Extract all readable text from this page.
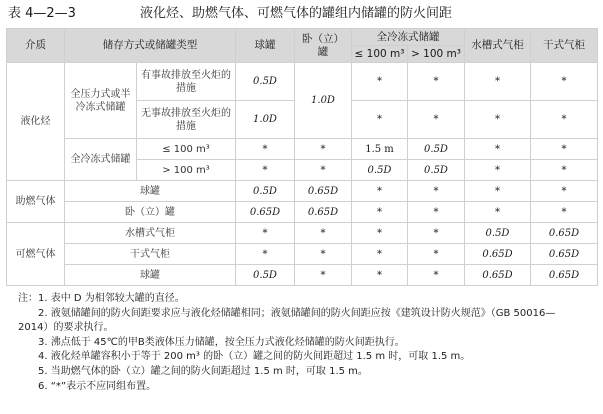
表 4—2—3	液化烃、助燃气体、可燃气体的罐组内储罐的防火间距
介质	储存方式或储罐类型		球罐	卧（立）罐	全冷冻式储罐		水槽式气柜	干式气柜
					≤ 100 m³	> 100 m³		
液化烃	全压力式或半冷冻式储罐	有事故排放至火炬的措施	0.5D	1.0D	*	*	*	*
		无事故排放至火炬的措施	1.0D		*	*	*	*
	全冷冻式储罐	≤ 100 m³	*	*	1.5 m	0.5D	*	*
		> 100 m³	*	*	0.5D	0.5D	*	*
助燃气体	球罐		0.5D	0.65D	*	*	*	*
	卧（立）罐		0.65D	0.65D	*	*	*	*
可燃气体	水槽式气柜		*	*	*	*	0.5D	0.65D
	干式气柜		*	*	*	*	0.65D	0.65D
	球罐		0.5D	*	*	*	0.65D	0.65D

注：1. 表中 D 为相邻较大罐的直径。

2. 液氨储罐间的防火间距要求应与液化烃储罐相同；液氨储罐间的防火间距应按《建筑设计防火规范》（GB 50016—

2014）的要求执行。

3. 沸点低于 45℃的甲B类液体压力储罐，按全压力式液化烃储罐的防火间距执行。

4. 液化烃单罐容积小于等于 200 m³ 的卧（立）罐之间的防火间距超过 1.5 m 时，可取 1.5 m。

5. 当助燃气体的卧（立）罐之间的防火间距超过 1.5 m 时，可取 1.5 m。

6. “*”表示不应同组布置。
